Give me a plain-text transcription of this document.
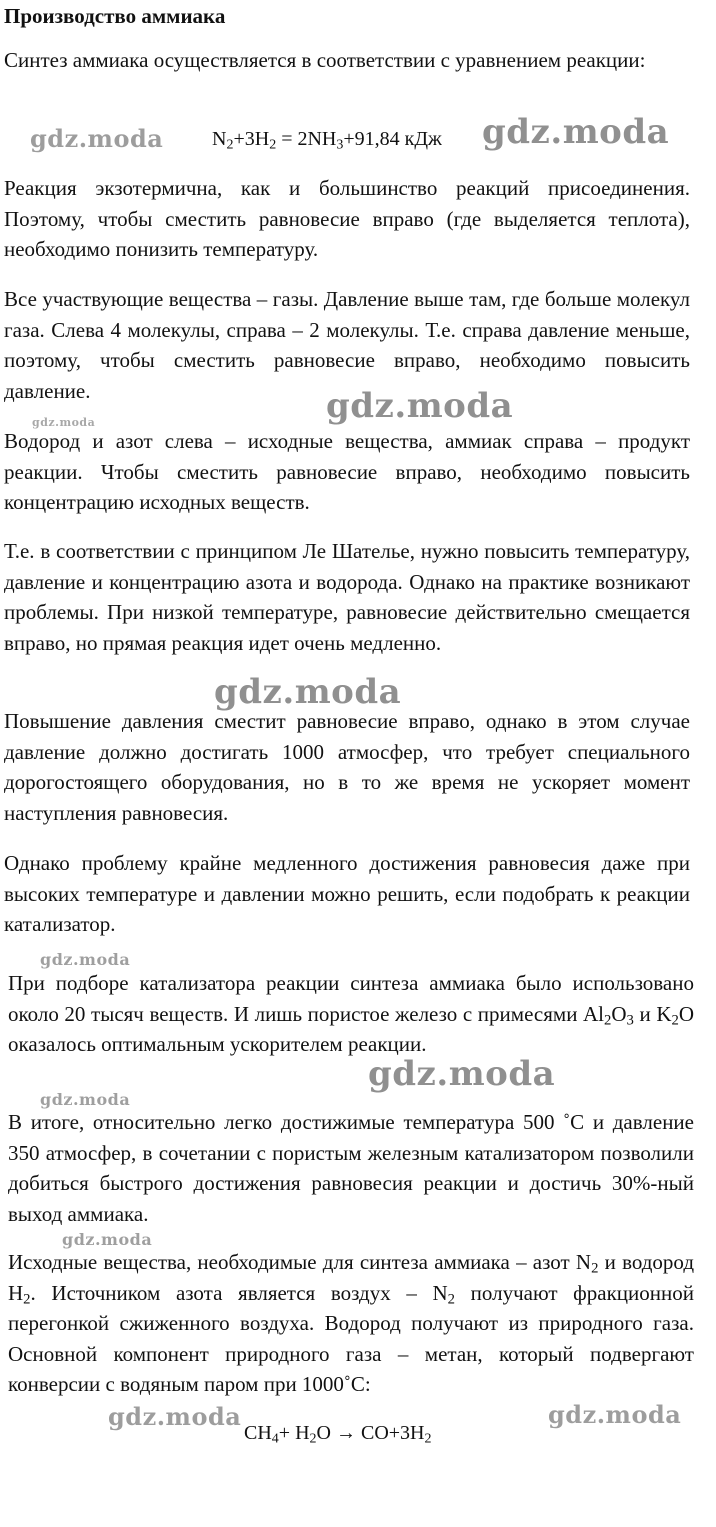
Производство аммиака
Синтез аммиака осуществляется в соответствии с уравнением реакции:
$N_2+3H_2 = 2NH_3+91,84$ кДж
Реакция экзотермична, как и большинство реакций присоединения. Поэтому, чтобы сместить равновесие вправо (где выделяется теплота), необходимо понизить температуру.
Все участвующие вещества – газы. Давление выше там, где больше молекул газа. Слева 4 молекулы, справа – 2 молекулы. Т.е. справа давление меньше, поэтому, чтобы сместить равновесие вправо, необходимо повысить давление.
Водород и азот слева – исходные вещества, аммиак справа – продукт реакции. Чтобы сместить равновесие вправо, необходимо повысить концентрацию исходных веществ.
Т.е. в соответствии с принципом Ле Шателье, нужно повысить температуру, давление и концентрацию азота и водорода. Однако на практике возникают проблемы. При низкой температуре, равновесие действительно смещается вправо, но прямая реакция идет очень медленно.
Повышение давления сместит равновесие вправо, однако в этом случае давление должно достигать 1000 атмосфер, что требует специального дорогостоящего оборудования, но в то же время не ускоряет момент наступления равновесия.
Однако проблему крайне медленного достижения равновесия даже при высоких температуре и давлении можно решить, если подобрать к реакции катализатор.
При подборе катализатора реакции синтеза аммиака было использовано около 20 тысяч веществ. И лишь пористое железо с примесями $Al_2O_3$ и $K_2O$ оказалось оптимальным ускорителем реакции.
В итоге, относительно легко достижимые температура 500 ˚С и давление 350 атмосфер, в сочетании с пористым железным катализатором позволили добиться быстрого достижения равновесия реакции и достичь 30%-ный выход аммиака.
Исходные вещества, необходимые для синтеза аммиака – азот $N_2$ и водород $H_2$. Источником азота является воздух – $N_2$ получают фракционной перегонкой сжиженного воздуха. Водород получают из природного газа. Основной компонент природного газа – метан, который подвергают конверсии с водяным паром при 1000˚С:
$CH_4+ H_2O \to CO+3H_2$
gdz.moda	gdz.moda
gdz.moda
gdz.moda
gdz.moda
gdz.moda
gdz.moda
gdz.moda
gdz.moda
gdz.moda	gdz.moda
